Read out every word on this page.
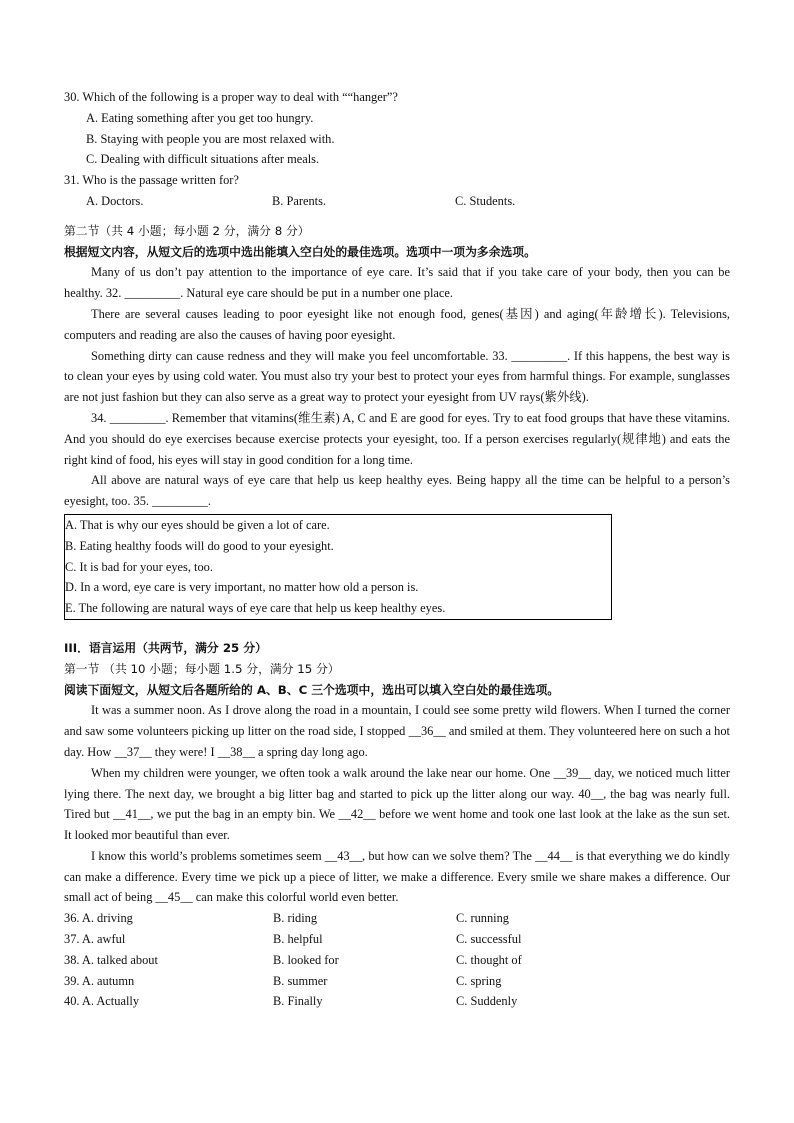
30. Which of the following is a proper way to deal with ““hanger”?
A. Eating something after you get too hungry.
B. Staying with people you are most relaxed with.
C. Dealing with difficult situations after meals.
31. Who is the passage written for?
A. Doctors.	B. Parents.	C. Students.
第二节（共 4 小题；每小题 2 分，满分 8 分）
根据短文内容，从短文后的选项中选出能填入空白处的最佳选项。选项中一项为多余选项。
Many of us don’t pay attention to the importance of eye care. It’s said that if you take care of your body, then you can be healthy. 32. _________. Natural eye care should be put in a number one place.
There are several causes leading to poor eyesight like not enough food, genes(基因) and aging(年龄增长). Televisions, computers and reading are also the causes of having poor eyesight.
Something dirty can cause redness and they will make you feel uncomfortable. 33. _________. If this happens, the best way is to clean your eyes by using cold water. You must also try your best to protect your eyes from harmful things. For example, sunglasses are not just fashion but they can also serve as a great way to protect your eyesight from UV rays(紫外线).
34. _________. Remember that vitamins(维生素) A, C and E are good for eyes. Try to eat food groups that have these vitamins. And you should do eye exercises because exercise protects your eyesight, too. If a person exercises regularly(规律地) and eats the right kind of food, his eyes will stay in good condition for a long time.
All above are natural ways of eye care that help us keep healthy eyes. Being happy all the time can be helpful to a person’s eyesight, too. 35. _________.
A. That is why our eyes should be given a lot of care.
B. Eating healthy foods will do good to your eyesight.
C. It is bad for your eyes, too.
D. In a word, eye care is very important, no matter how old a person is.
E. The following are natural ways of eye care that help us keep healthy eyes.
III．语言运用（共两节，满分 25 分）
第一节 （共 10 小题；每小题 1.5 分，满分 15 分）
阅读下面短文，从短文后各题所给的 A、B、C 三个选项中，选出可以填入空白处的最佳选项。
It was a summer noon. As I drove along the road in a mountain, I could see some pretty wild flowers. When I turned the corner and saw some volunteers picking up litter on the road side, I stopped __36__ and smiled at them. They volunteered here on such a hot day. How __37__ they were! I __38__ a spring day long ago.
When my children were younger, we often took a walk around the lake near our home. One __39__ day, we noticed much litter lying there. The next day, we brought a big litter bag and started to pick up the litter along our way. 40__, the bag was nearly full. Tired but __41__, we put the bag in an empty bin. We __42__ before we went home and took one last look at the lake as the sun set. It looked mor beautiful than ever.
I know this world’s problems sometimes seem __43__, but how can we solve them? The __44__ is that everything we do kindly can make a difference. Every time we pick up a piece of litter, we make a difference. Every smile we share makes a difference. Our small act of being __45__ can make this colorful world even better.
36. A. driving	B. riding	C. running
37. A. awful	B. helpful	C. successful
38. A. talked about	B. looked for	C. thought of
39. A. autumn	B. summer	C. spring
40. A. Actually	B. Finally	C. Suddenly
